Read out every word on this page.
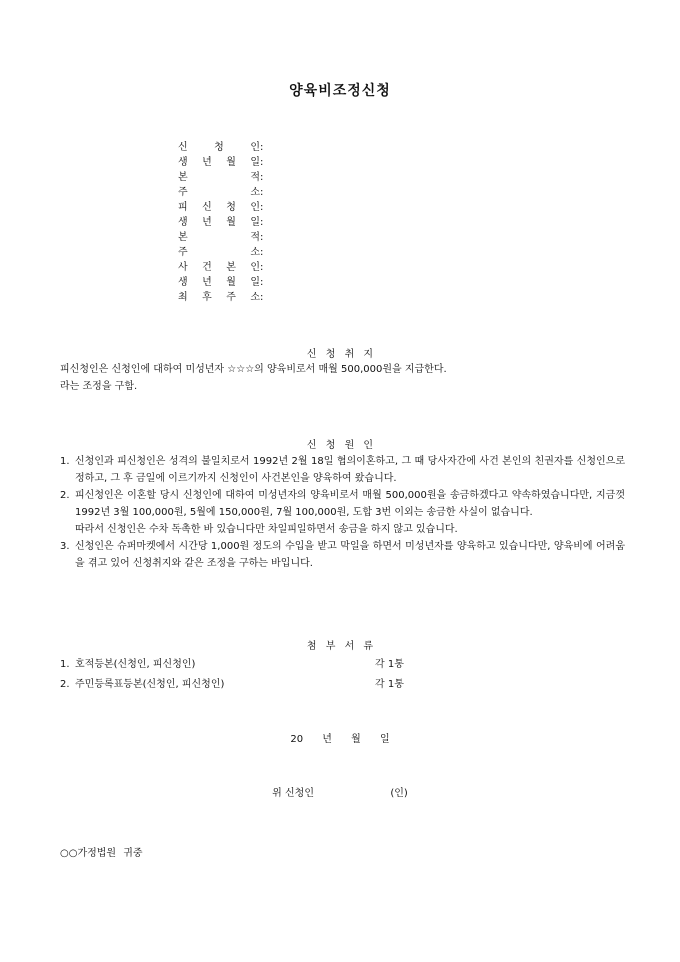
양육비조정신청
신	청	인 :
생 년 월 일 :
본	적 :
주	소 :
피 신 청 인 :
생 년 월 일 :
본	적 :
주	소 :
사 건 본 인 :
생 년 월 일 :
최 후 주 소 :
신 청 취 지
피신청인은 신청인에 대하여 미성년자 ☆☆☆의 양육비로서 매월 500,000원을 지급한다.
라는 조정을 구함.
신 청 원 인
1. 신청인과 피신청인은 성격의 불일치로서 1992년 2월 18일 협의이혼하고, 그 때 당사자간에 사건 본인의 친권자를 신청인으로 정하고, 그 후 금일에 이르기까지 신청인이 사건본인을 양육하여 왔습니다.
2. 피신청인은 이혼할 당시 신청인에 대하여 미성년자의 양육비로서 매월 500,000원을 송금하겠다고 약속하였습니다만, 지금껏 1992년 3월 100,000원, 5월에 150,000원, 7월 100,000원, 도합 3번 이외는 송금한 사실이 없습니다.
따라서 신청인은 수차 독촉한 바 있습니다만 차일피일하면서 송금을 하지 않고 있습니다.
3. 신청인은 슈퍼마켓에서 시간당 1,000원 정도의 수입을 받고 막일을 하면서 미성년자를 양육하고 있습니다만, 양육비에 어려움을 겪고 있어 신청취지와 같은 조정을 구하는 바입니다.
첨 부 서 류
1. 호적등본(신청인, 피신청인)	각 1통
2. 주민등록표등본(신청인, 피신청인)	각 1통
20 년 월 일
위 신청인	(인)
○○가정법원 귀중
